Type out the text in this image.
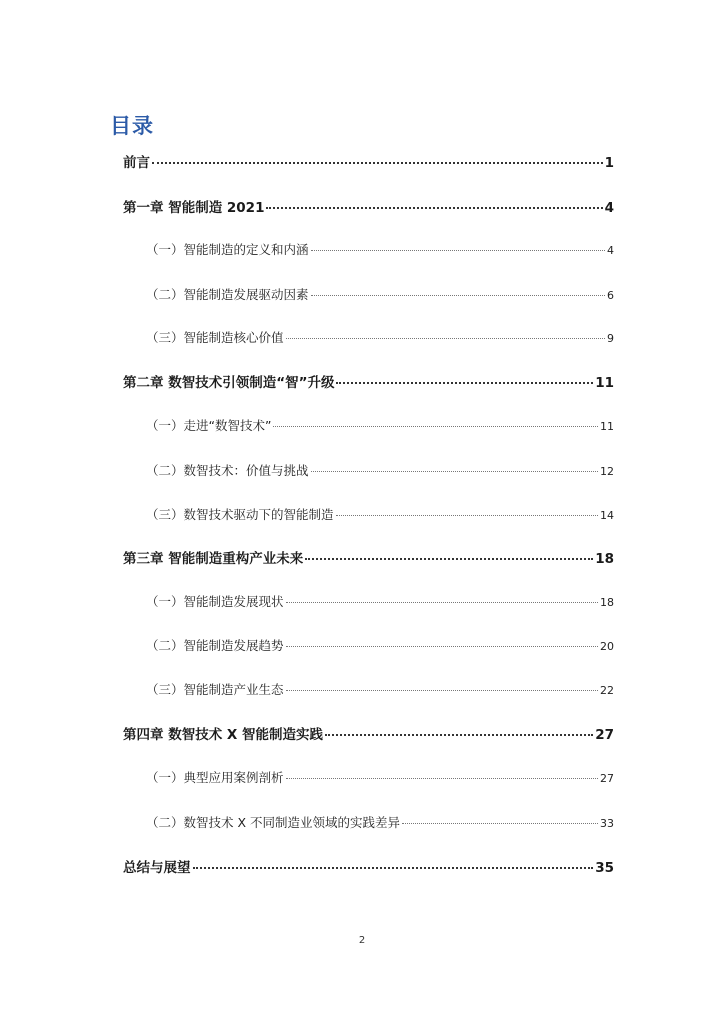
目录
前言	1
第一章 智能制造 2021	4
（一）智能制造的定义和内涵	4
（二）智能制造发展驱动因素	6
（三）智能制造核心价值	9
第二章 数智技术引领制造“智”升级	11
（一）走进“数智技术”	11
（二）数智技术：价值与挑战	12
（三）数智技术驱动下的智能制造	14
第三章 智能制造重构产业未来	18
（一）智能制造发展现状	18
（二）智能制造发展趋势	20
（三）智能制造产业生态	22
第四章 数智技术 X 智能制造实践	27
（一）典型应用案例剖析	27
（二）数智技术 X 不同制造业领域的实践差异	33
总结与展望	35
2
